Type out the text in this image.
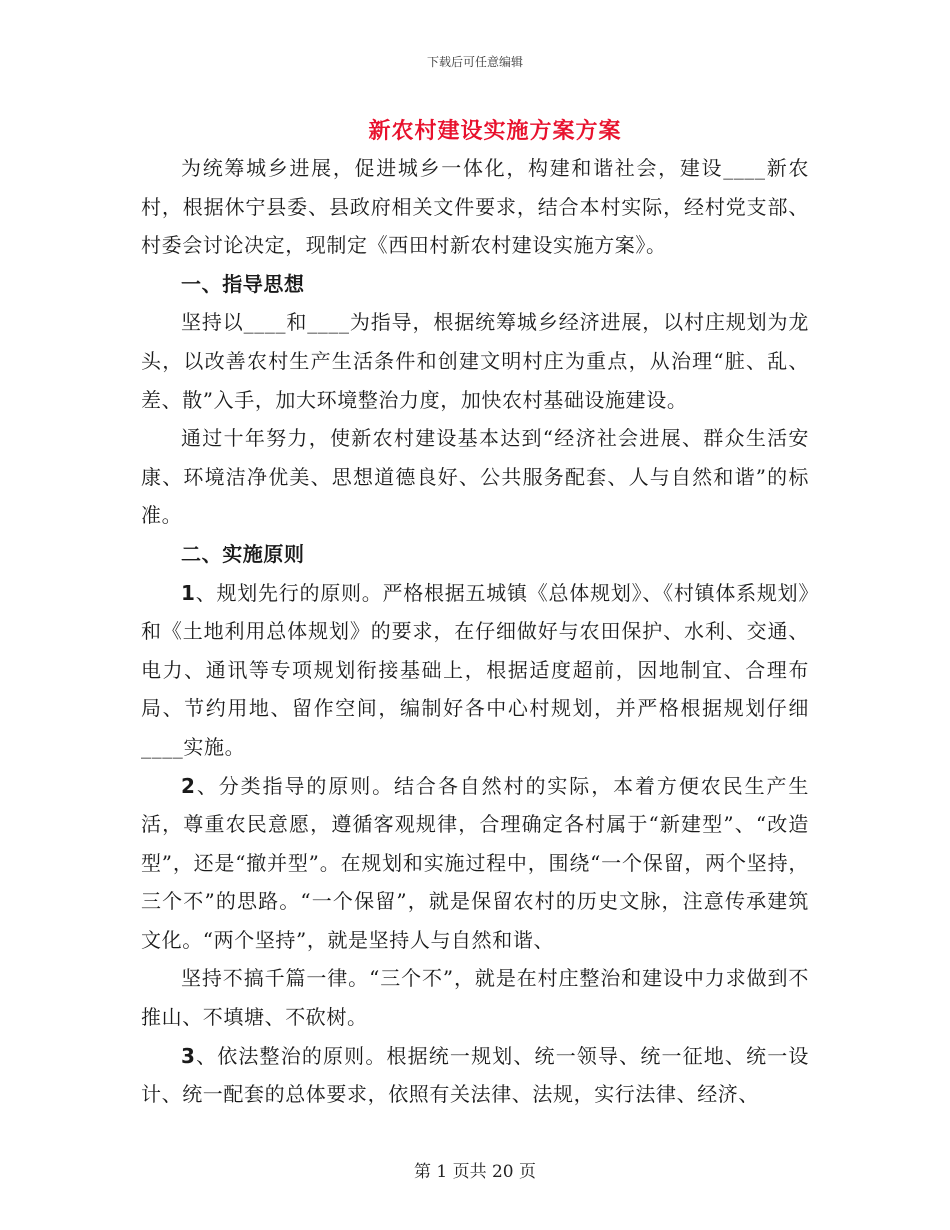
下载后可任意编辑
新农村建设实施方案方案

为统筹城乡进展，促进城乡一体化，构建和谐社会，建设____新农村，根据休宁县委、县政府相关文件要求，结合本村实际，经村党支部、村委会讨论决定，现制定《西田村新农村建设实施方案》。

一、指导思想

坚持以____和____为指导，根据统筹城乡经济进展，以村庄规划为龙头，以改善农村生产生活条件和创建文明村庄为重点，从治理“脏、乱、差、散”入手，加大环境整治力度，加快农村基础设施建设。

通过十年努力，使新农村建设基本达到“经济社会进展、群众生活安康、环境洁净优美、思想道德良好、公共服务配套、人与自然和谐”的标准。

二、实施原则

1、规划先行的原则。严格根据五城镇《总体规划》、《村镇体系规划》和《土地利用总体规划》的要求，在仔细做好与农田保护、水利、交通、电力、通讯等专项规划衔接基础上，根据适度超前，因地制宜、合理布局、节约用地、留作空间，编制好各中心村规划，并严格根据规划仔细____实施。

2、分类指导的原则。结合各自然村的实际，本着方便农民生产生活，尊重农民意愿，遵循客观规律，合理确定各村属于“新建型”、“改造型”，还是“撤并型”。在规划和实施过程中，围绕“一个保留，两个坚持，三个不”的思路。“一个保留”，就是保留农村的历史文脉，注意传承建筑文化。“两个坚持”，就是坚持人与自然和谐、

坚持不搞千篇一律。“三个不”，就是在村庄整治和建设中力求做到不推山、不填塘、不砍树。

3、依法整治的原则。根据统一规划、统一领导、统一征地、统一设计、统一配套的总体要求，依照有关法律、法规，实行法律、经济、

第 1 页共 20 页
